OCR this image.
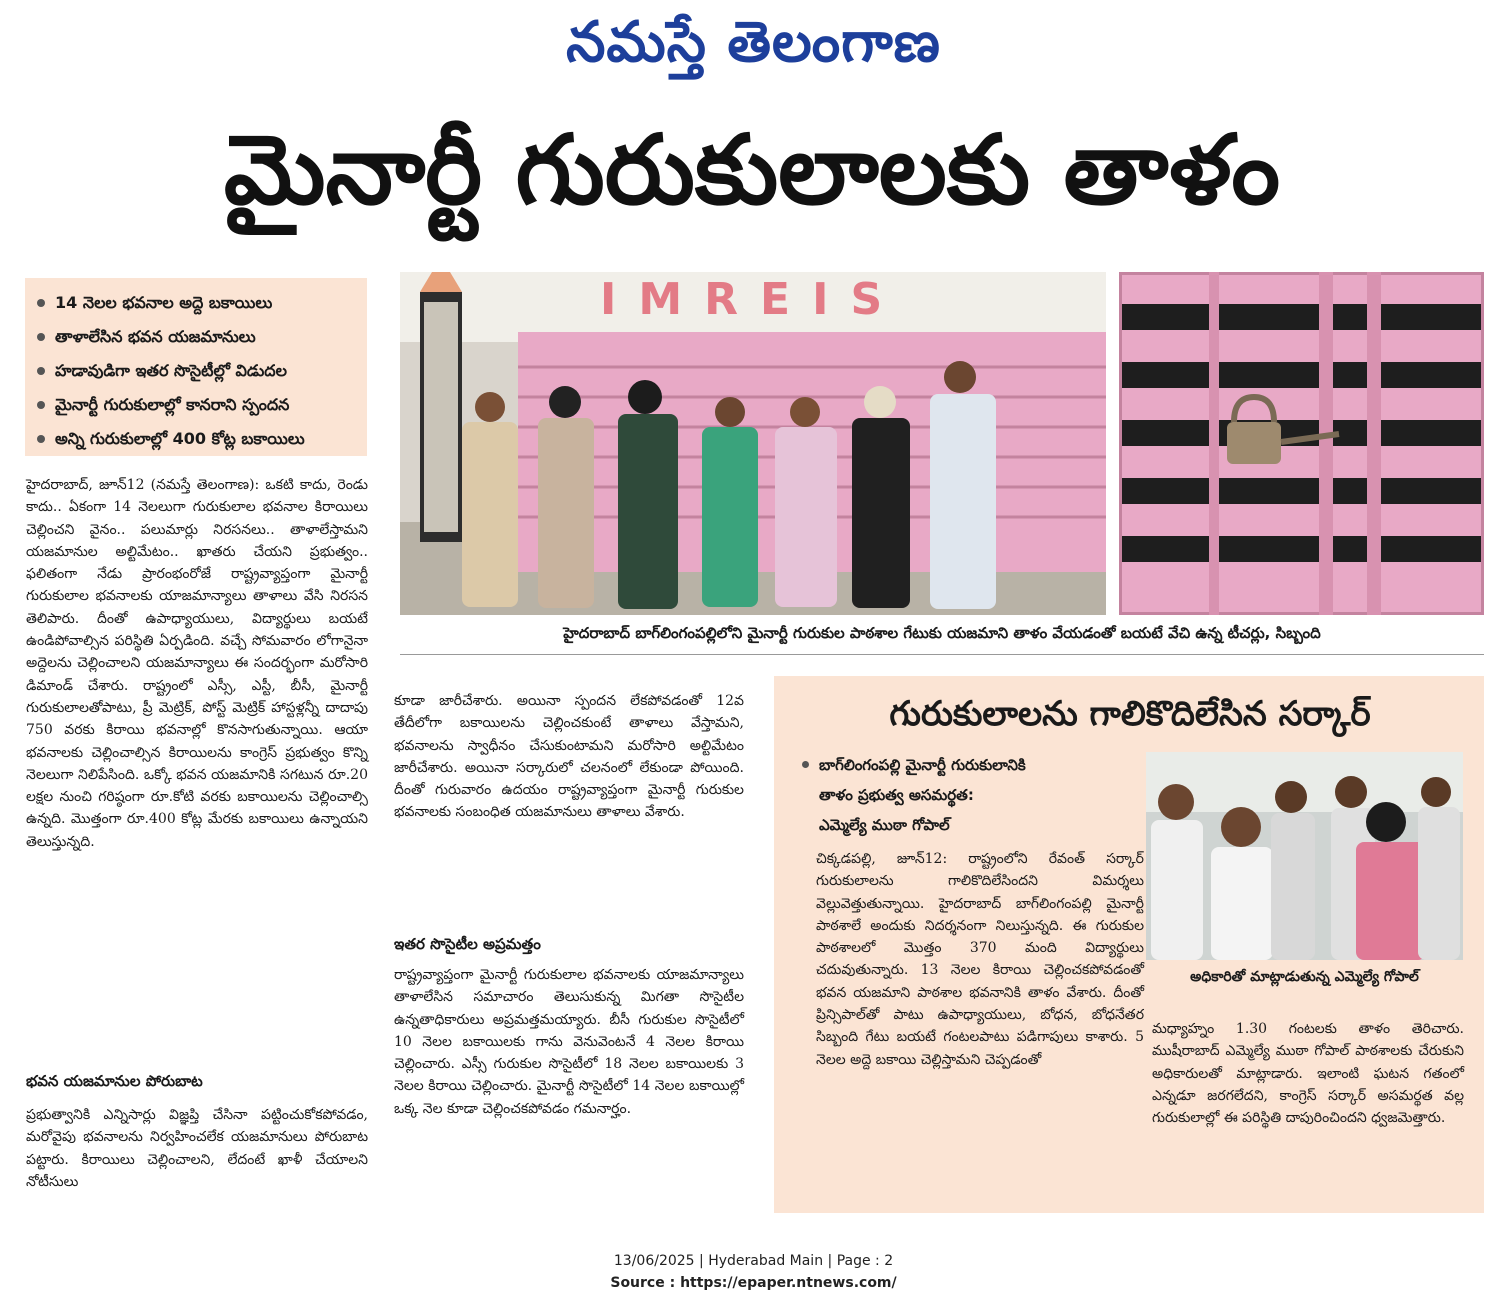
నమస్తే తెలంగాణ
మైనార్టీ గురుకులాలకు తాళం
14 నెలల భవనాల అద్దె బకాయిలు
తాళాలేసిన భవన యజమానులు
హడావుడిగా ఇతర సొసైటీల్లో విడుదల
మైనార్టీ గురుకులాల్లో కానరాని స్పందన
అన్ని గురుకులాల్లో 400 కోట్ల బకాయిలు
హైదరాబాద్, జూన్12 (నమస్తే తెలంగాణ): ఒకటి కాదు, రెండు కాదు.. ఏకంగా 14 నెలలుగా గురుకులాల భవనాల కిరాయిలు చెల్లించని వైనం.. పలుమార్లు నిరసనలు.. తాళాలేస్తామని యజమానుల అల్టిమేటం.. ఖాతరు చేయని ప్రభుత్వం.. ఫలితంగా నేడు ప్రారంభంరోజే రాష్ట్రవ్యాప్తంగా మైనార్టీ గురుకులాల భవనాలకు యాజమాన్యాలు తాళాలు వేసి నిరసన తెలిపారు. దీంతో ఉపాధ్యాయులు, విద్యార్థులు బయటే ఉండిపోవాల్సిన పరిస్థితి ఏర్పడింది. వచ్చే సోమవారం లోగానైనా అద్దెలను చెల్లించాలని యజమాన్యాలు ఈ సందర్భంగా మరోసారి డిమాండ్ చేశారు. రాష్ట్రంలో ఎస్సీ, ఎస్టీ, బీసీ, మైనార్టీ గురుకులాలతోపాటు, ప్రీ మెట్రిక్, పోస్ట్ మెట్రిక్ హాస్టళ్లన్నీ దాదాపు 750 వరకు కిరాయి భవనాల్లో కొనసాగుతున్నాయి. ఆయా భవనాలకు చెల్లించాల్సిన కిరాయిలను కాంగ్రెస్ ప్రభుత్వం కొన్ని నెలలుగా నిలిపేసింది. ఒక్కో భవన యజమానికి సగటున రూ.20 లక్షల నుంచి గరిష్ఠంగా రూ.కోటి వరకు బకాయిలను చెల్లించాల్సి ఉన్నది. మొత్తంగా రూ.400 కోట్ల మేరకు బకాయిలు ఉన్నాయని తెలుస్తున్నది.
భవన యజమానుల పోరుబాట
ప్రభుత్వానికి ఎన్నిసార్లు విజ్ఞప్తి చేసినా పట్టించుకోకపోవడం, మరోవైపు భవనాలను నిర్వహించలేక యజమానులు పోరుబాట పట్టారు. కిరాయిలు చెల్లించాలని, లేదంటే ఖాళీ చేయాలని నోటీసులు
కూడా జారీచేశారు. అయినా స్పందన లేకపోవడంతో 12వ తేదీలోగా బకాయిలను చెల్లించకుంటే తాళాలు వేస్తామని, భవనాలను స్వాధీనం చేసుకుంటామని మరోసారి అల్టిమేటం జారీచేశారు. అయినా సర్కారులో చలనంలో లేకుండా పోయింది. దీంతో గురువారం ఉదయం రాష్ట్రవ్యాప్తంగా మైనార్టీ గురుకుల భవనాలకు సంబంధిత యజమానులు తాళాలు వేశారు.
ఇతర సొసైటీల అప్రమత్తం
రాష్ట్రవ్యాప్తంగా మైనార్టీ గురుకులాల భవనాలకు యాజమాన్యాలు తాళాలేసిన సమాచారం తెలుసుకున్న మిగతా సొసైటీల ఉన్నతాధికారులు అప్రమత్తమయ్యారు. బీసీ గురుకుల సొసైటీలో 10 నెలల బకాయిలకు గాను వెనువెంటనే 4 నెలల కిరాయి చెల్లించారు. ఎస్సీ గురుకుల సొసైటీలో 18 నెలల బకాయిలకు 3 నెలల కిరాయి చెల్లించారు. మైనార్టీ సొసైటీలో 14 నెలల బకాయిల్లో ఒక్క నెల కూడా చెల్లించకపోవడం గమనార్హం.
IMREIS
హైదరాబాద్ బాగ్‌లింగంపల్లిలోని మైనార్టీ గురుకుల పాఠశాల గేటుకు యజమాని తాళం వేయడంతో బయటే వేచి ఉన్న టీచర్లు, సిబ్బంది
గురుకులాలను గాలికొదిలేసిన సర్కార్
బాగ్‌లింగంపల్లి మైనార్టీ గురుకులానికి
తాళం ప్రభుత్వ అసమర్థత:
ఎమ్మెల్యే ముఠా గోపాల్
అధికారితో మాట్లాడుతున్న ఎమ్మెల్యే గోపాల్
చిక్కడపల్లి, జూన్12: రాష్ట్రంలోని రేవంత్ సర్కార్ గురుకులాలను గాలికొదిలేసిందని విమర్శలు వెల్లువెత్తుతున్నాయి. హైదరాబాద్ బాగ్‌లింగంపల్లి మైనార్టీ పాఠశాలే అందుకు నిదర్శనంగా నిలుస్తున్నది. ఈ గురుకుల పాఠశాలలో మొత్తం 370 మంది విద్యార్థులు చదువుతున్నారు. 13 నెలల కిరాయి చెల్లించకపోవడంతో భవన యజమాని పాఠశాల భవనానికి తాళం వేశారు. దీంతో ప్రిన్సిపాల్‌తో పాటు ఉపాధ్యాయులు, బోధన, బోధనేతర సిబ్బంది గేటు బయటే గంటలపాటు పడిగాపులు కాశారు. 5 నెలల అద్దె బకాయి చెల్లిస్తామని చెప్పడంతో
మధ్యాహ్నం 1.30 గంటలకు తాళం తెరిచారు. ముషీరాబాద్ ఎమ్మెల్యే ముఠా గోపాల్ పాఠశాలకు చేరుకుని అధికారులతో మాట్లాడారు. ఇలాంటి ఘటన గతంలో ఎన్నడూ జరగలేదని, కాంగ్రెస్ సర్కార్ అసమర్థత వల్ల గురుకులాల్లో ఈ పరిస్థితి దాపురించిందని ధ్వజమెత్తారు.
13/06/2025 | Hyderabad Main | Page : 2
Source : https://epaper.ntnews.com/
